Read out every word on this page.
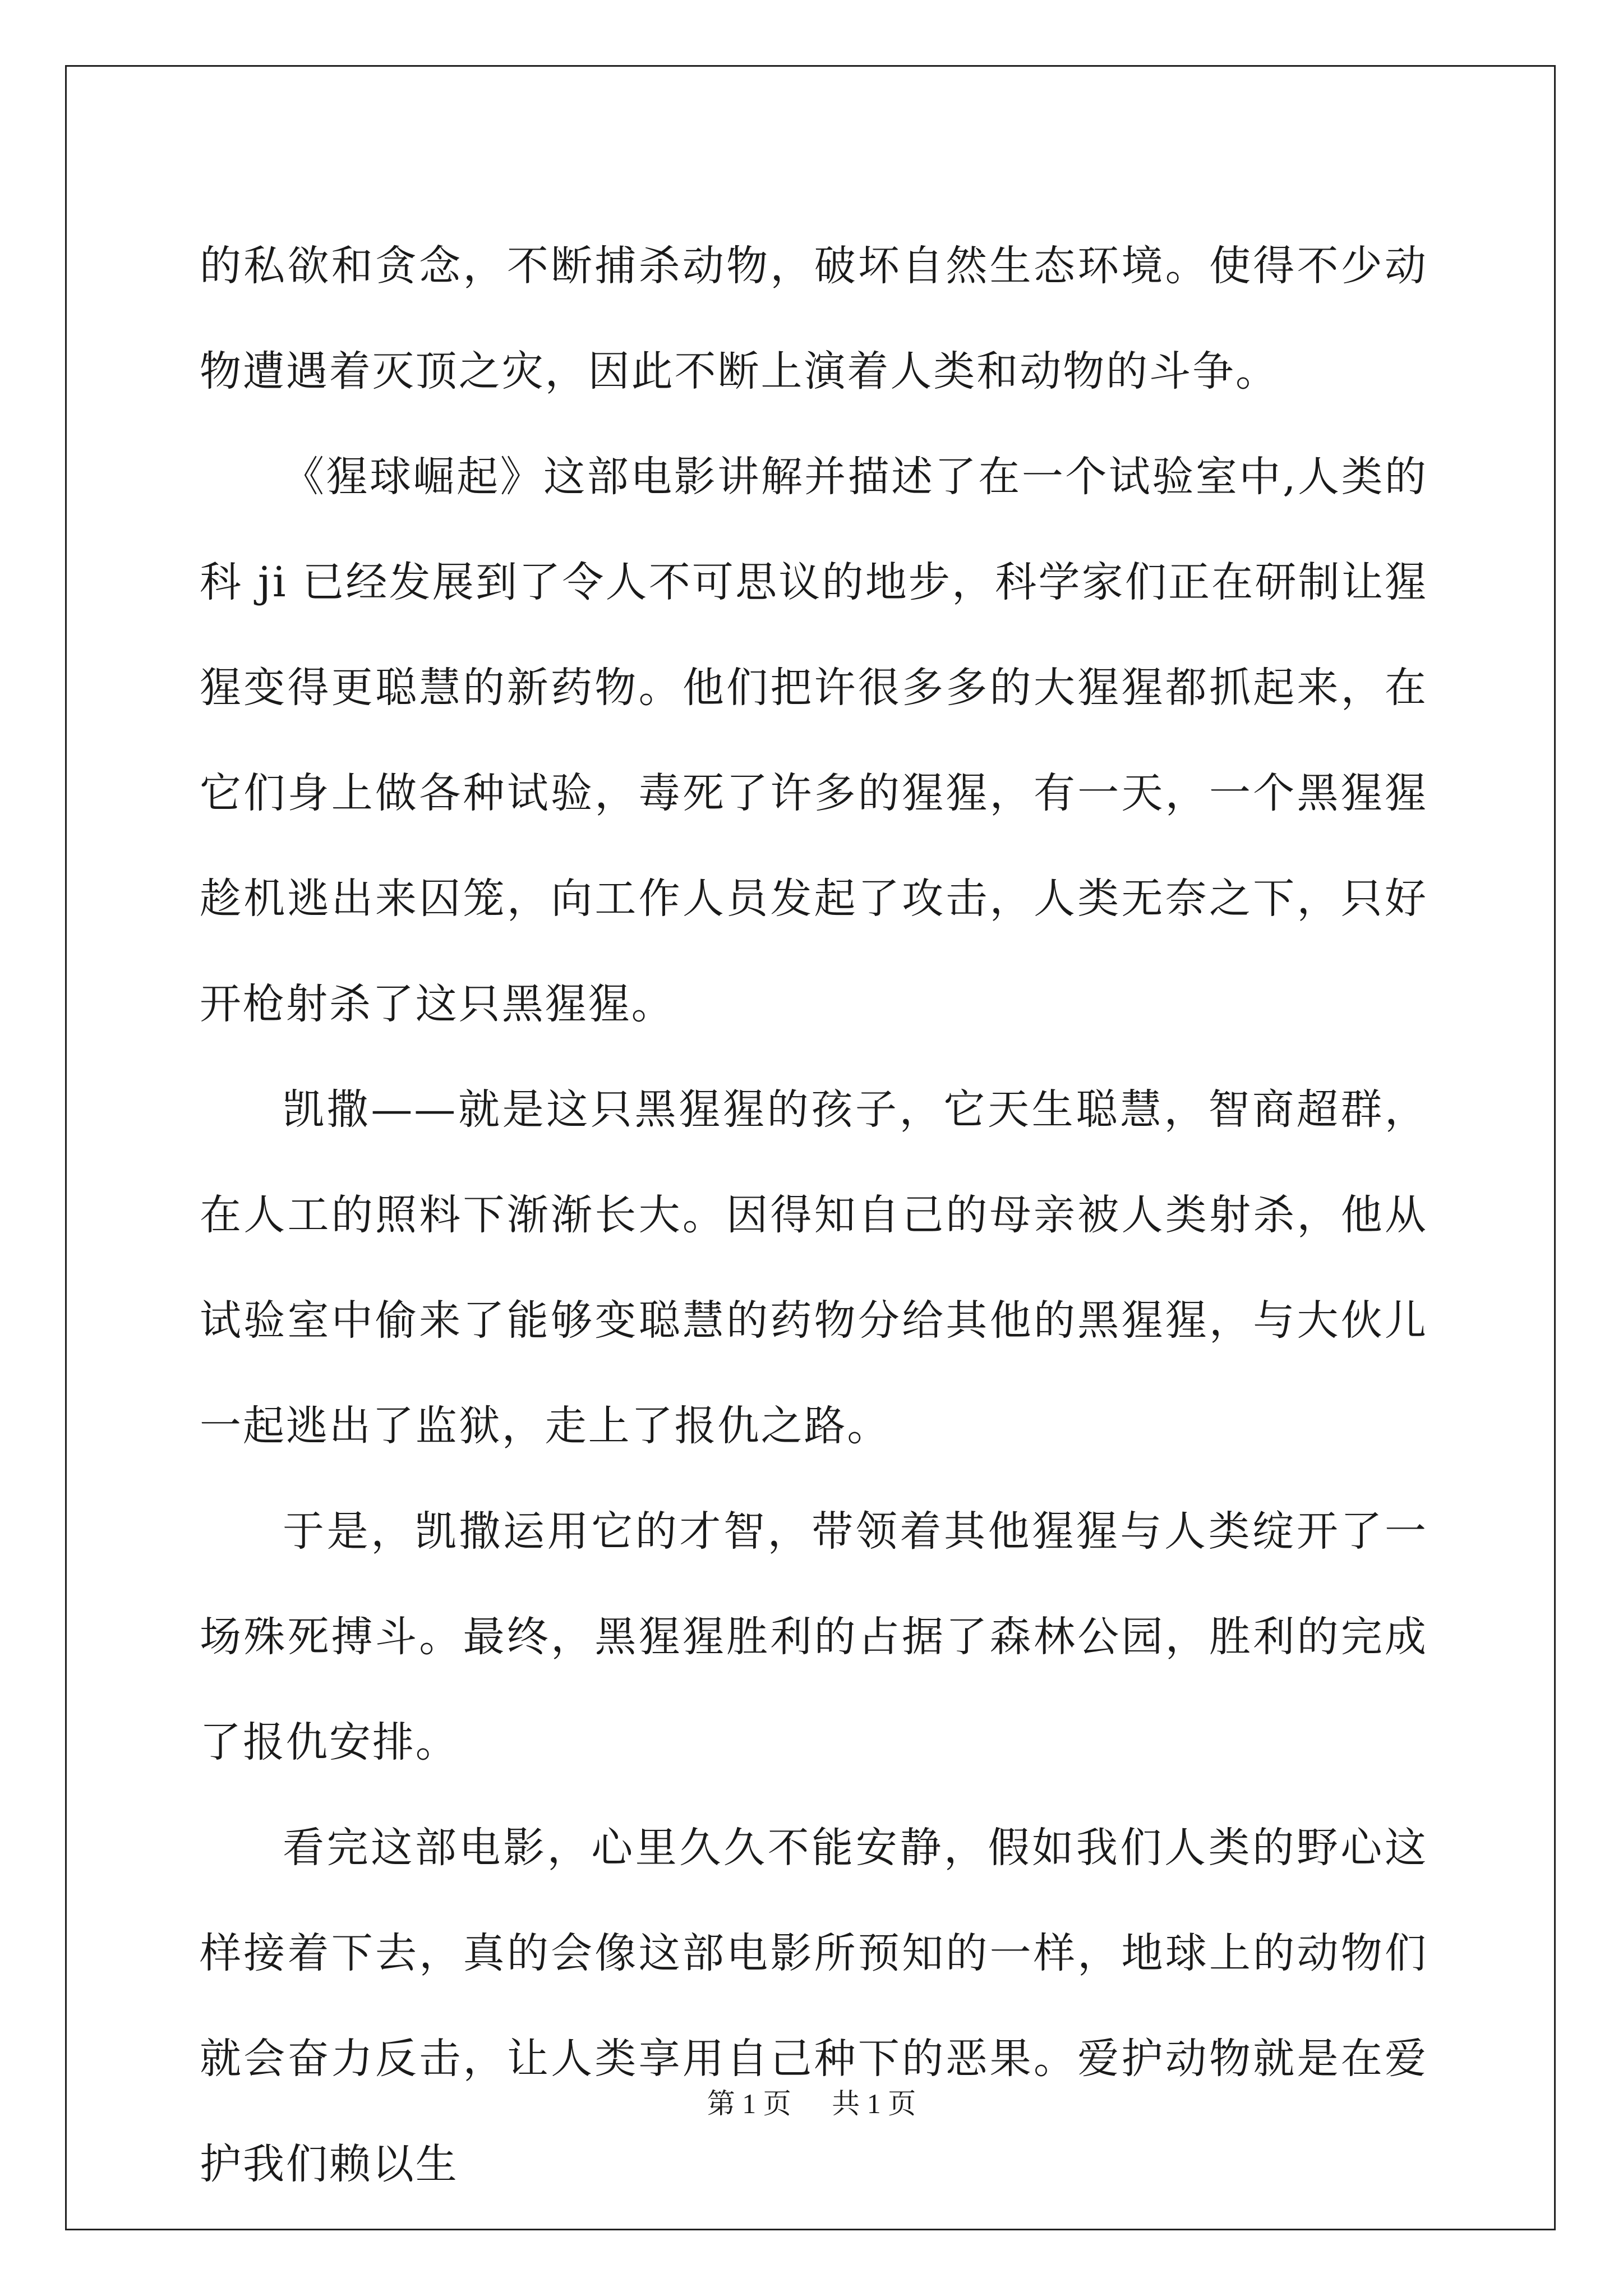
的私欲和贪念，不断捕杀动物，破坏自然生态环境。使得不少动物遭遇着灭顶之灾，因此不断上演着人类和动物的斗争。

《猩球崛起》这部电影讲解并描述了在一个试验室中,人类的科 ji 已经发展到了令人不可思议的地步，科学家们正在研制让猩猩变得更聪慧的新药物。他们把许很多多的大猩猩都抓起来，在它们身上做各种试验，毒死了许多的猩猩，有一天，一个黑猩猩趁机逃出来囚笼，向工作人员发起了攻击，人类无奈之下，只好开枪射杀了这只黑猩猩。

凯撒——就是这只黑猩猩的孩子，它天生聪慧，智商超群，在人工的照料下渐渐长大。因得知自己的母亲被人类射杀，他从试验室中偷来了能够变聪慧的药物分给其他的黑猩猩，与大伙儿一起逃出了监狱，走上了报仇之路。

于是，凯撒运用它的才智，带领着其他猩猩与人类绽开了一场殊死搏斗。最终，黑猩猩胜利的占据了森林公园，胜利的完成了报仇安排。

看完这部电影，心里久久不能安静，假如我们人类的野心这样接着下去，真的会像这部电影所预知的一样，地球上的动物们就会奋力反击，让人类享用自己种下的恶果。爱护动物就是在爱护我们赖以生

第 1 页 共 1 页
